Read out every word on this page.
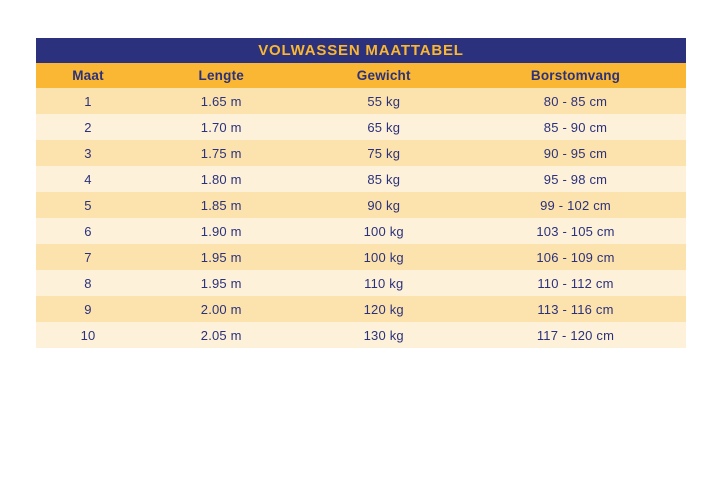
VOLWASSEN MAATTABEL
Maat	Lengte	Gewicht	Borstomvang
1	1.65 m	55 kg	80 - 85 cm
2	1.70 m	65 kg	85 - 90 cm
3	1.75 m	75 kg	90 - 95 cm
4	1.80 m	85 kg	95 - 98 cm
5	1.85 m	90 kg	99 - 102 cm
6	1.90 m	100 kg	103 - 105 cm
7	1.95 m	100 kg	106 - 109 cm
8	1.95 m	110 kg	110 - 112 cm
9	2.00 m	120 kg	113 - 116 cm
10	2.05 m	130 kg	117 - 120 cm
